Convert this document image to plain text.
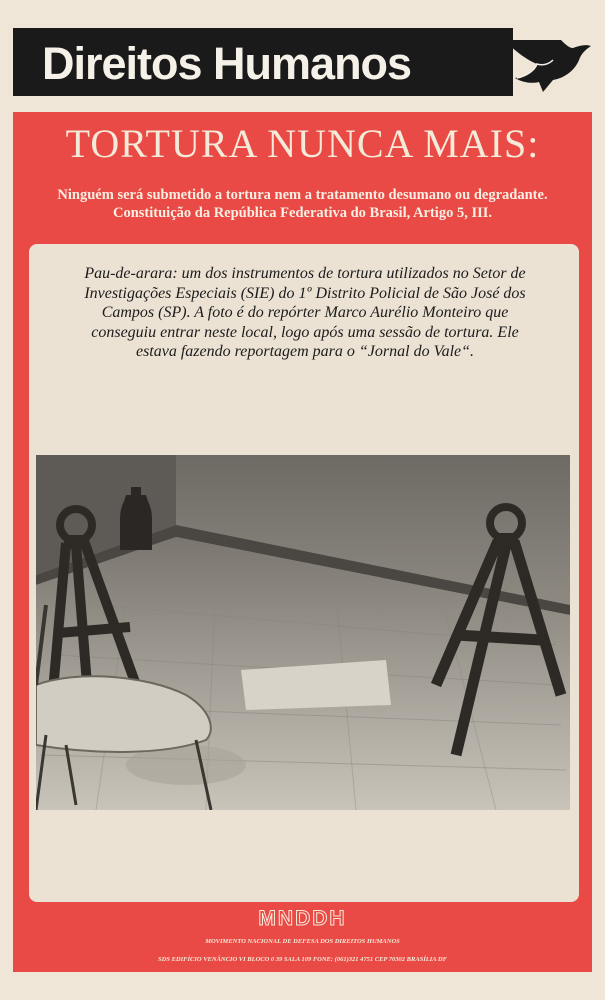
Direitos Humanos
TORTURA NUNCA MAIS:
Ninguém será submetido a tortura nem a tratamento desumano ou degradante.
Constituição da República Federativa do Brasil, Artigo 5, III.
Pau-de-arara: um dos instrumentos de tortura utilizados no Setor de
Investigações Especiais (SIE) do 1º Distrito Policial de São José dos
Campos (SP). A foto é do repórter Marco Aurélio Monteiro que
conseguiu entrar neste local, logo após uma sessão de tortura. Ele
estava fazendo reportagem para o “Jornal do Vale“.
MNDDH
MOVIMENTO NACIONAL DE DEFESA DOS DIREITOS HUMANOS
SDS EDIFÍCIO VENÂNCIO VI BLOCO 0 39 SALA 109 FONE: (061)321 4751 CEP 70302 BRASÍLIA DF
